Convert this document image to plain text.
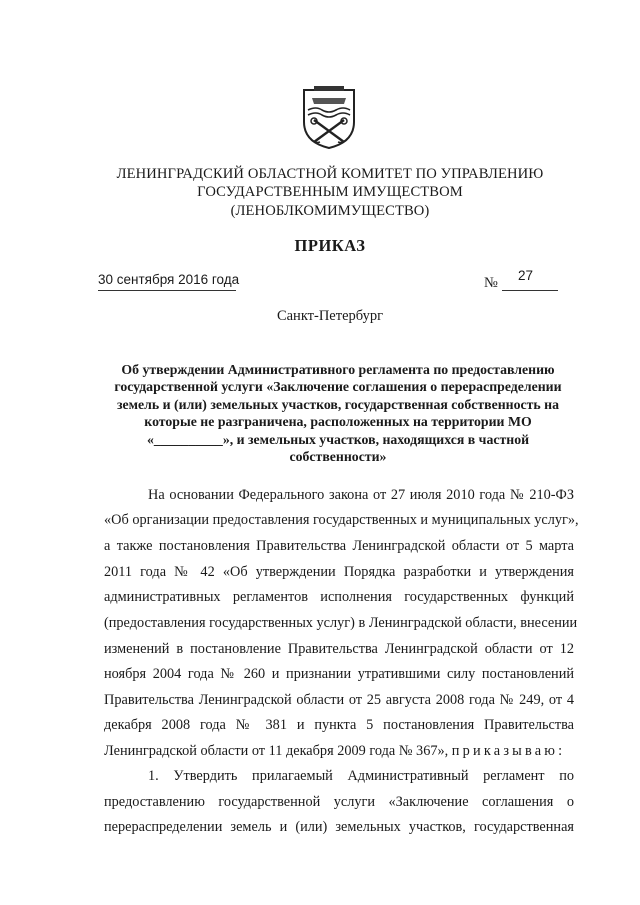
ЛЕНИНГРАДСКИЙ ОБЛАСТНОЙ КОМИТЕТ ПО УПРАВЛЕНИЮ
ГОСУДАРСТВЕННЫМ ИМУЩЕСТВОМ
(ЛЕНОБЛКОМИМУЩЕСТВО)
ПРИКАЗ
30 сентября 2016 года	№ 27
Санкт-Петербург
Об утверждении Административного регламента по предоставлению
государственной услуги «Заключение соглашения о перераспределении
земель и (или) земельных участков, государственная собственность на
которые не разграничена, расположенных на территории МО
«__________», и земельных участков, находящихся в частной
собственности»
На основании Федерального закона от 27 июля 2010 года № 210-ФЗ
«Об организации предоставления государственных и муниципальных услуг»,
а также постановления Правительства Ленинградской области от 5 марта
2011 года № 42 «Об утверждении Порядка разработки и утверждения
административных регламентов исполнения государственных функций
(предоставления государственных услуг) в Ленинградской области, внесении
изменений в постановление Правительства Ленинградской области от 12
ноября 2004 года № 260 и признании утратившими силу постановлений
Правительства Ленинградской области от 25 августа 2008 года № 249, от 4
декабря 2008 года № 381 и пункта 5 постановления Правительства
Ленинградской области от 11 декабря 2009 года № 367», приказываю:
1. Утвердить прилагаемый Административный регламент по
предоставлению государственной услуги «Заключение соглашения о
перераспределении земель и (или) земельных участков, государственная
